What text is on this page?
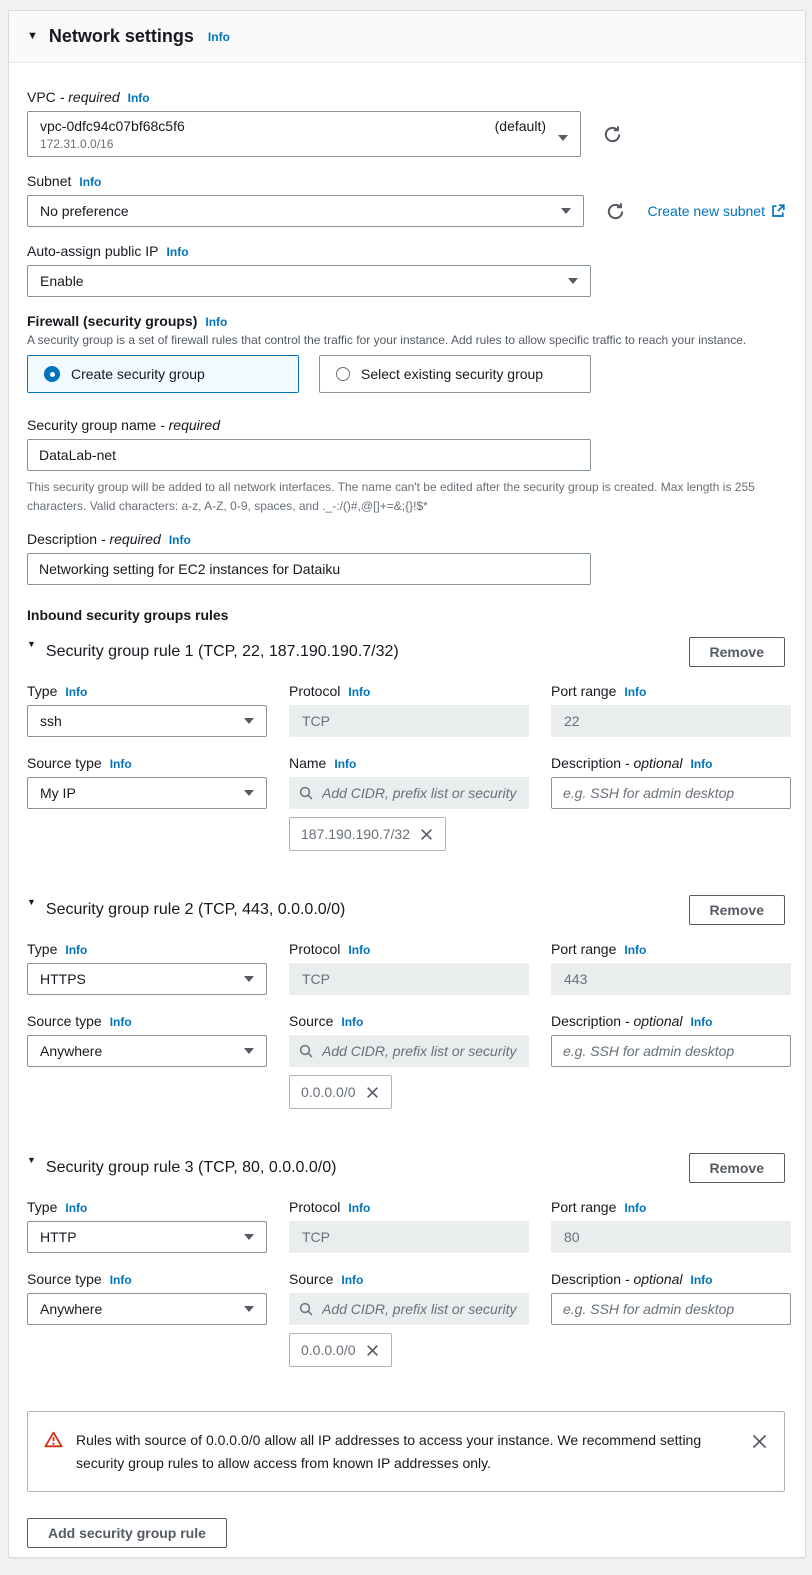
▼ Network settings Info
VPC - required Info
vpc-0dfc94c07bf68c5f6	(default)
172.31.0.0/16
Subnet Info
No preference	Create new subnet
Auto-assign public IP Info
Enable
Firewall (security groups) Info

A security group is a set of firewall rules that control the traffic for your instance. Add rules to allow specific traffic to reach your instance.

Create security group	Select existing security group
Security group name - required
DataLab-net
This security group will be added to all network interfaces. The name can't be edited after the security group is created. Max length is 255 characters. Valid characters: a-z, A-Z, 0-9, spaces, and ._-:/()#,@[]+=&;{}!$*
Description - required Info
Networking setting for EC2 instances for Dataiku
Inbound security groups rules
▼ Security group rule 1 (TCP, 22, 187.190.190.7/32)	Remove
Type Info
ssh
Protocol Info
TCP
Port range Info
22
Source type Info
My IP
Name Info
Add CIDR, prefix list or security g
187.190.190.7/32
Description - optional Info
e.g. SSH for admin desktop
▼ Security group rule 2 (TCP, 443, 0.0.0.0/0)	Remove
Type Info
HTTPS
Protocol Info
TCP
Port range Info
443
Source type Info
Anywhere
Source Info
Add CIDR, prefix list or security g
0.0.0.0/0
Description - optional Info
e.g. SSH for admin desktop
▼ Security group rule 3 (TCP, 80, 0.0.0.0/0)	Remove
Type Info
HTTP
Protocol Info
TCP
Port range Info
80
Source type Info
Anywhere
Source Info
Add CIDR, prefix list or security g
0.0.0.0/0
Description - optional Info
e.g. SSH for admin desktop
Rules with source of 0.0.0.0/0 allow all IP addresses to access your instance. We recommend setting security group rules to allow access from known IP addresses only.
Add security group rule
